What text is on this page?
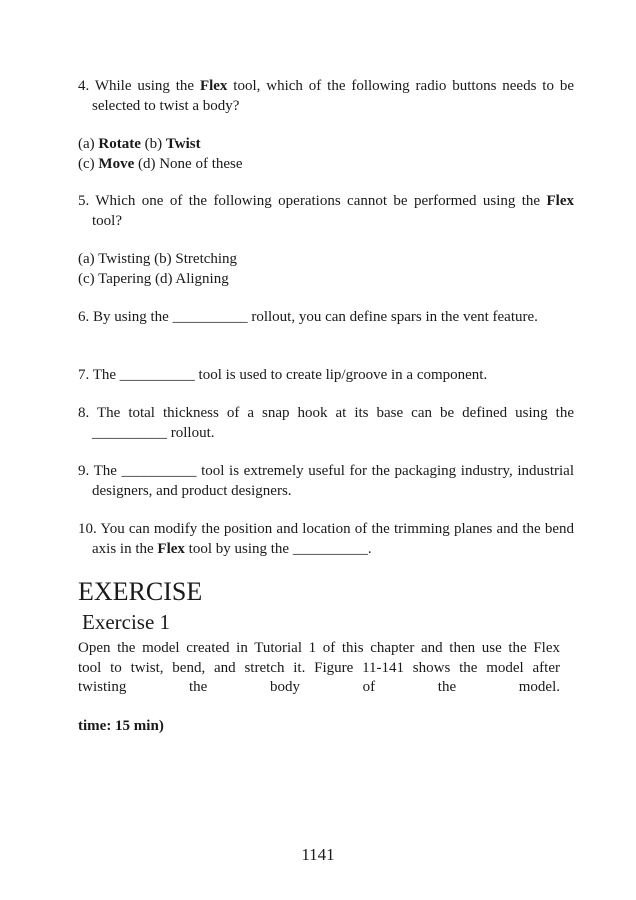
4. While using the Flex tool, which of the following radio buttons needs to be selected to twist a body?

(a) Rotate (b) Twist
(c) Move (d) None of these

5. Which one of the following operations cannot be performed using the Flex tool?

(a) Twisting (b) Stretching
(c) Tapering (d) Aligning

6. By using the __________ rollout, you can define spars in the vent feature.

7. The __________ tool is used to create lip/groove in a component.

8. The total thickness of a snap hook at its base can be defined using the __________ rollout.

9. The __________ tool is extremely useful for the packaging industry, industrial designers, and product designers.

10. You can modify the position and location of the trimming planes and the bend axis in the Flex tool by using the __________.

EXERCISE
Exercise 1

Open the model created in Tutorial 1 of this chapter and then use the Flex
tool to twist, bend, and stretch it. Figure 11-141 shows the model after
twisting the body of the model.

time: 15 min)

1141
